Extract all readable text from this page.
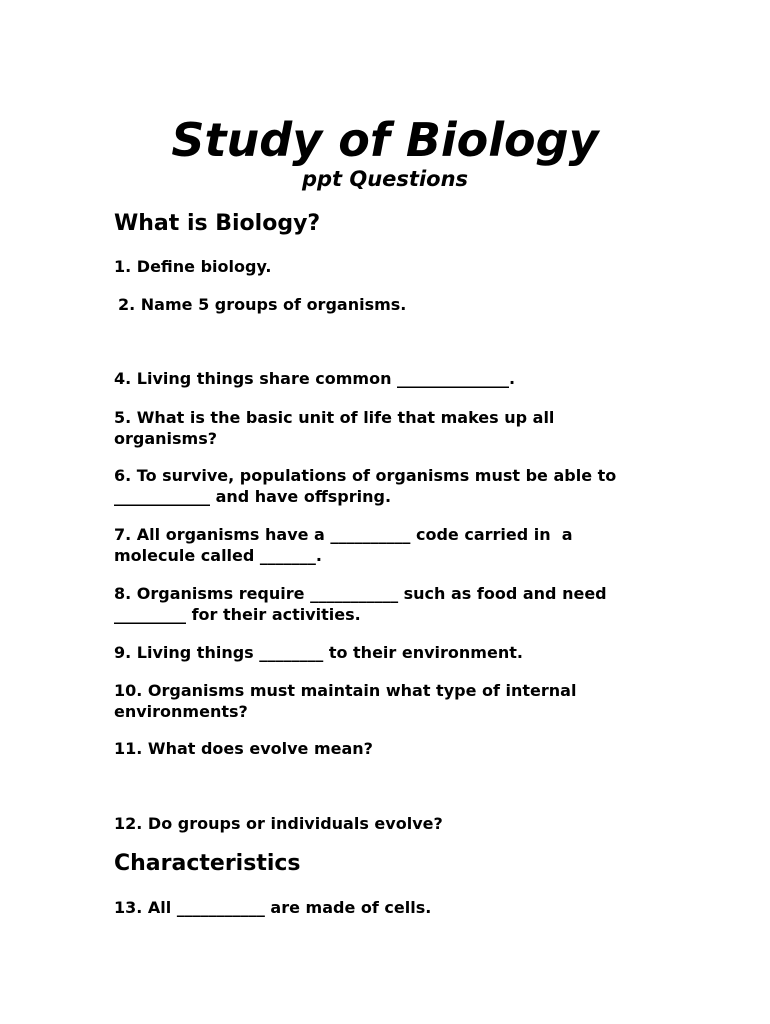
Study of Biology
ppt Questions
What is Biology?

1. Define biology.

2. Name 5 groups of organisms.

4. Living things share common ______________.

5. What is the basic unit of life that makes up all organisms?

6. To survive, populations of organisms must be able to ____________ and have offspring.

7. All organisms have a __________ code carried in  a molecule called _______.

8. Organisms require ___________ such as food and need _________ for their activities.

9. Living things ________ to their environment.

10. Organisms must maintain what type of internal environments?

11. What does evolve mean?

12. Do groups or individuals evolve?

Characteristics

13. All ___________ are made of cells.
